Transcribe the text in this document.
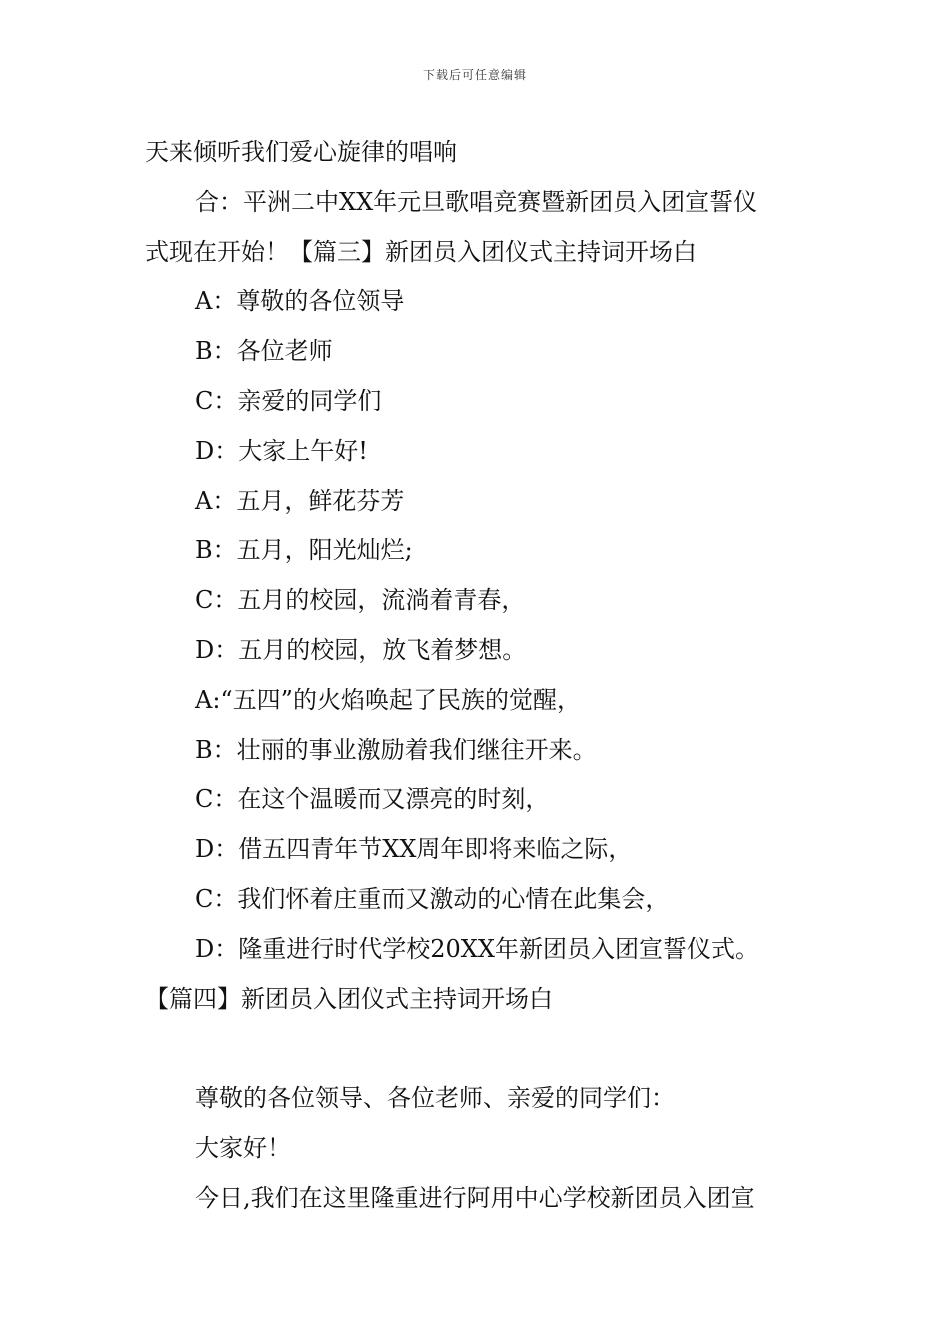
下载后可任意编辑
天来倾听我们爱心旋律的唱响
合：平洲二中XX年元旦歌唱竞赛暨新团员入团宣誓仪
式现在开始！【篇三】新团员入团仪式主持词开场白
A：尊敬的各位领导
B：各位老师
C：亲爱的同学们
D：大家上午好!
A：五月，鲜花芬芳
B：五月，阳光灿烂;
C：五月的校园，流淌着青春，
D：五月的校园，放飞着梦想。
A:“五四”的火焰唤起了民族的觉醒，
B：壮丽的事业激励着我们继往开来。
C：在这个温暖而又漂亮的时刻，
D：借五四青年节XX周年即将来临之际，
C：我们怀着庄重而又激动的心情在此集会，
D：隆重进行时代学校20XX年新团员入团宣誓仪式。
【篇四】新团员入团仪式主持词开场白
尊敬的各位领导、各位老师、亲爱的同学们：
大家好！
今日,我们在这里隆重进行阿用中心学校新团员入团宣
